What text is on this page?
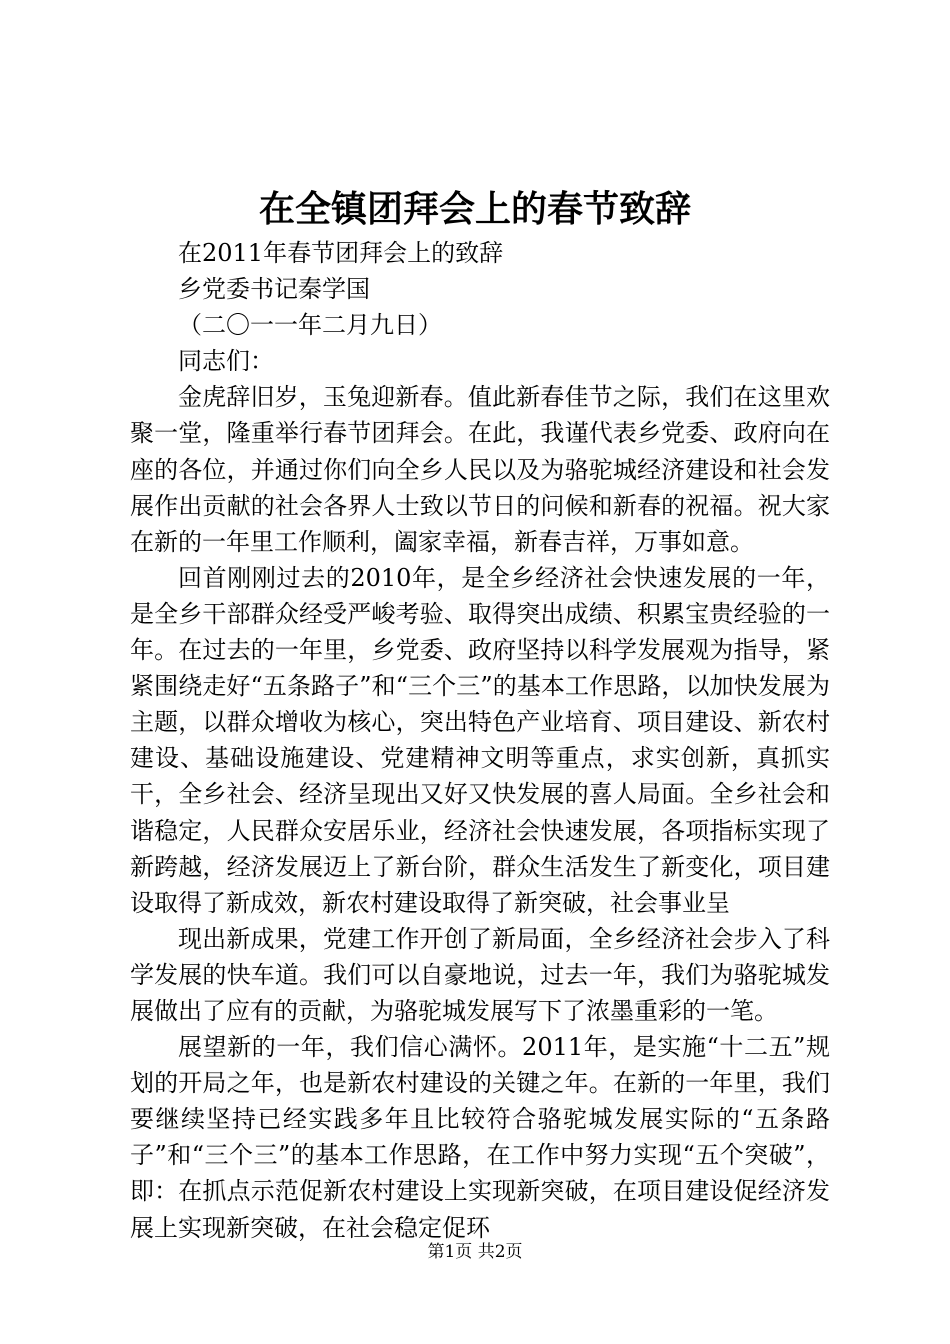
在全镇团拜会上的春节致辞

在2011年春节团拜会上的致辞

乡党委书记秦学国

（二〇一一年二月九日）

同志们：

金虎辞旧岁，玉兔迎新春。值此新春佳节之际，我们在这里欢聚一堂，隆重举行春节团拜会。在此，我谨代表乡党委、政府向在座的各位，并通过你们向全乡人民以及为骆驼城经济建设和社会发展作出贡献的社会各界人士致以节日的问候和新春的祝福。祝大家在新的一年里工作顺利，阖家幸福，新春吉祥，万事如意。

回首刚刚过去的2010年，是全乡经济社会快速发展的一年，是全乡干部群众经受严峻考验、取得突出成绩、积累宝贵经验的一年。在过去的一年里，乡党委、政府坚持以科学发展观为指导，紧紧围绕走好“五条路子”和“三个三”的基本工作思路，以加快发展为主题，以群众增收为核心，突出特色产业培育、项目建设、新农村建设、基础设施建设、党建精神文明等重点，求实创新，真抓实干，全乡社会、经济呈现出又好又快发展的喜人局面。全乡社会和谐稳定，人民群众安居乐业，经济社会快速发展，各项指标实现了新跨越，经济发展迈上了新台阶，群众生活发生了新变化，项目建设取得了新成效，新农村建设取得了新突破，社会事业呈

现出新成果，党建工作开创了新局面，全乡经济社会步入了科学发展的快车道。我们可以自豪地说，过去一年，我们为骆驼城发展做出了应有的贡献，为骆驼城发展写下了浓墨重彩的一笔。

展望新的一年，我们信心满怀。2011年，是实施“十二五”规划的开局之年，也是新农村建设的关键之年。在新的一年里，我们要继续坚持已经实践多年且比较符合骆驼城发展实际的“五条路子”和“三个三”的基本工作思路，在工作中努力实现“五个突破”，即：在抓点示范促新农村建设上实现新突破，在项目建设促经济发展上实现新突破，在社会稳定促环

第1页 共2页
